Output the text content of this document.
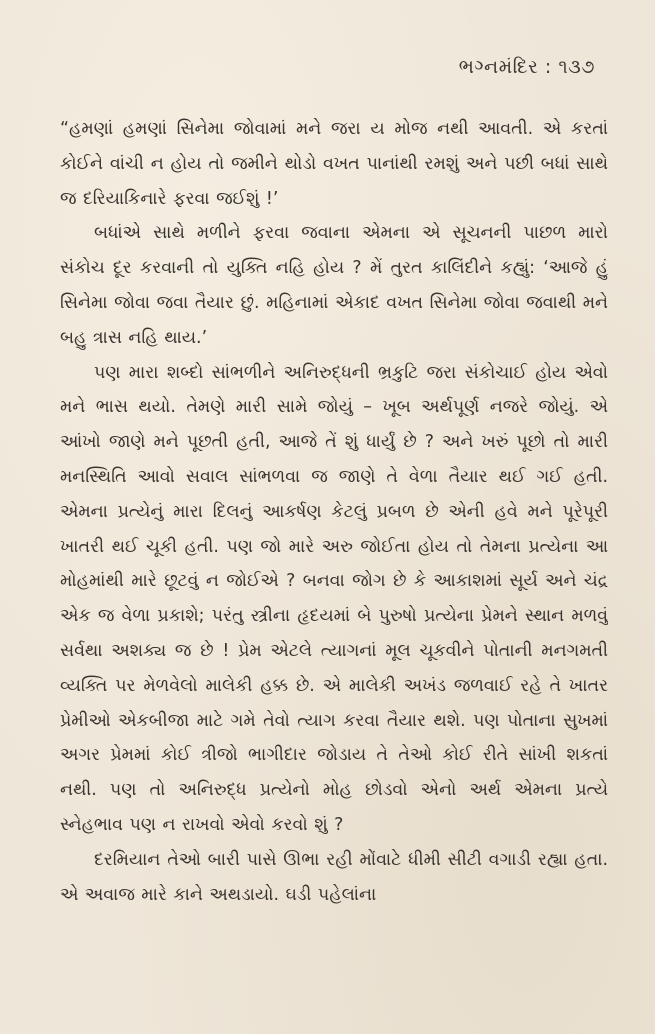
ભગ્નમંદિર : ૧૩૭

“હમણાં હમણાં સિનેમા જોવામાં મને જરા ય મોજ નથી આવતી. એ કરતાં કોઈને વાંચી ન હોય તો જમીને થોડો વખત પાનાંથી રમશું અને પછી બધાં સાથે જ દરિયાકિનારે ફરવા જઈશું !’

બધાંએ સાથે મળીને ફરવા જવાના એમના એ સૂચનની પાછળ મારો સંકોચ દૂર કરવાની તો યુક્તિ નહિ હોય ? મેં તુરત કાલિંદીને કહ્યું: ‘આજે હું સિનેમા જોવા જવા તૈયાર છું. મહિનામાં એકાદ વખત સિનેમા જોવા જવાથી મને બહુ ત્રાસ નહિ થાય.’

પણ મારા શબ્દો સાંભળીને અનિરુદ્ધની ભ્રકુટિ જરા સંકોચાઈ હોય એવો મને ભાસ થયો. તેમણે મારી સામે જોયું – ખૂબ અર્થપૂર્ણ નજરે જોયું. એ આંખો જાણે મને પૂછતી હતી, આજે તેં શું ધાર્યું છે ? અને ખરું પૂછો તો મારી મનસ્થિતિ આવો સવાલ સાંભળવા જ જાણે તે વેળા તૈયાર થઈ ગઈ હતી. એમના પ્રત્યેનું મારા દિલનું આકર્ષણ કેટલું પ્રબળ છે એની હવે મને પૂરેપૂરી ખાતરી થઈ ચૂકી હતી. પણ જો મારે અરુ જોઈતા હોય તો તેમના પ્રત્યેના આ મોહમાંથી મારે છૂટવું ન જોઈએ ? બનવા જોગ છે કે આકાશમાં સૂર્ય અને ચંદ્ર એક જ વેળા પ્રકાશે; પરંતુ સ્ત્રીના હૃદયમાં બે પુરુષો પ્રત્યેના પ્રેમને સ્થાન મળવું સર્વથા અશક્ય જ છે ! પ્રેમ એટલે ત્યાગનાં મૂલ ચૂકવીને પોતાની મનગમતી વ્યક્તિ પર મેળવેલો માલેકી હક્ક છે. એ માલેકી અખંડ જળવાઈ રહે તે ખાતર પ્રેમીઓ એકબીજા માટે ગમે તેવો ત્યાગ કરવા તૈયાર થશે. પણ પોતાના સુખમાં અગર પ્રેમમાં કોઈ ત્રીજો ભાગીદાર જોડાય તે તેઓ કોઈ રીતે સાંખી શકતાં નથી. પણ તો અનિરુદ્ધ પ્રત્યેનો મોહ છોડવો એનો અર્થ એમના પ્રત્યે સ્નેહભાવ પણ ન રાખવો એવો કરવો શું ?

દરમિયાન તેઓ બારી પાસે ઊભા રહી મોંવાટે ધીમી સીટી વગાડી રહ્યા હતા. એ અવાજ મારે કાને અથડાયો. ઘડી પહેલાંના
